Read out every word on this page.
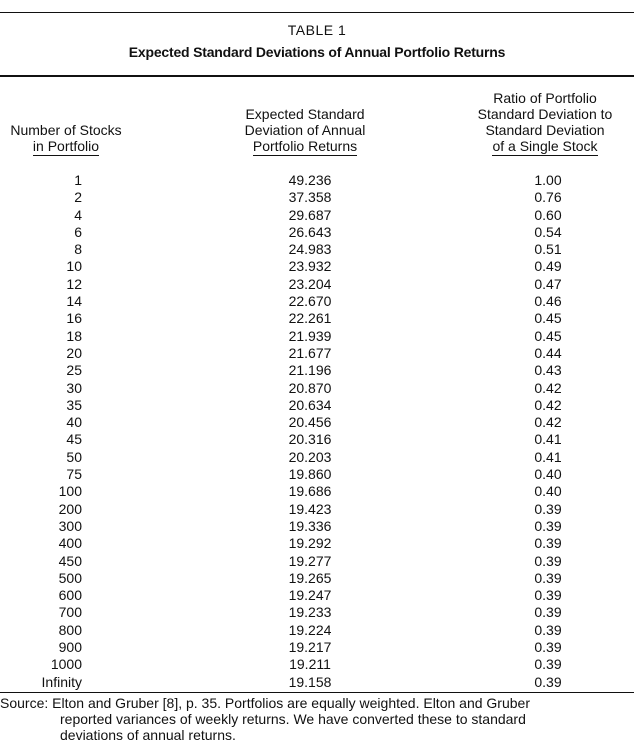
TABLE 1
Expected Standard Deviations of Annual Portfolio Returns
Number of Stocks
in Portfolio
Expected Standard
Deviation of Annual
Portfolio Returns
Ratio of Portfolio
Standard Deviation to
Standard Deviation
of a Single Stock
1	49.236	1.00
2	37.358	0.76
4	29.687	0.60
6	26.643	0.54
8	24.983	0.51
10	23.932	0.49
12	23.204	0.47
14	22.670	0.46
16	22.261	0.45
18	21.939	0.45
20	21.677	0.44
25	21.196	0.43
30	20.870	0.42
35	20.634	0.42
40	20.456	0.42
45	20.316	0.41
50	20.203	0.41
75	19.860	0.40
100	19.686	0.40
200	19.423	0.39
300	19.336	0.39
400	19.292	0.39
450	19.277	0.39
500	19.265	0.39
600	19.247	0.39
700	19.233	0.39
800	19.224	0.39
900	19.217	0.39
1000	19.211	0.39
Infinity	19.158	0.39
Source: Elton and Gruber [8], p. 35. Portfolios are equally weighted. Elton and Gruber
reported variances of weekly returns. We have converted these to standard
deviations of annual returns.
